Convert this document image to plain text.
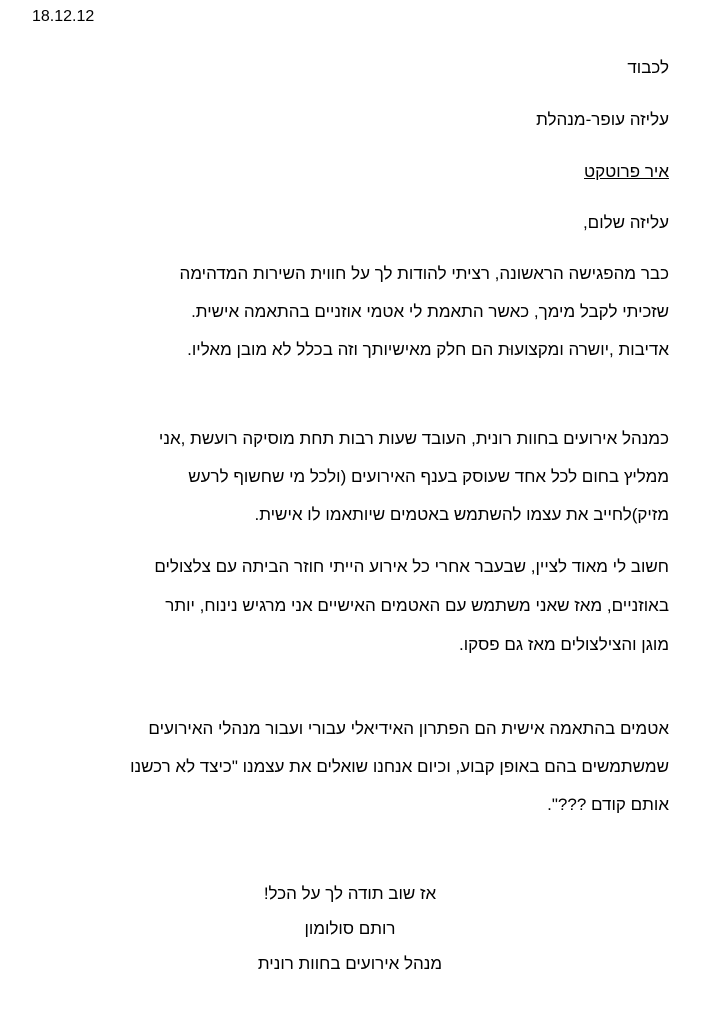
18.12.12
לכבוד
עליזה עופר-מנהלת
איר פרוטקט
עליזה שלום,
כבר מהפגישה הראשונה, רציתי להודות לך על חווית השירות המדהימה
שזכיתי לקבל מימך, כאשר התאמת לי אטמי אוזניים בהתאמה אישית.
אדיבות ,יושרה ומקצועוּת הם חלק מאישיותך וזה בכלל לא מובן מאליו.
כמנהל אירועים בחוות רונית, העובד שעות רבות תחת מוסיקה רועשת ,אני
ממליץ בחום לכל אחד שעוסק בענף האירועים (ולכל מי שחשוף לרעש
מזיק)לחייב את עצמו להשתמש באטמים שיותאמו לו אישית.
חשוב לי מאוד לציין, שבעבר אחרי כל אירוע הייתי חוזר הביתה עם צלצולים
באוזניים, מאז שאני משתמש עם האטמים האישיים אני מרגיש נינוח, יותר
מוגן והצילצולים מאז גם פסקו.
אטמים בהתאמה אישית הם הפתרון האידיאלי עבורי ועבור מנהלי האירועים
שמשתמשים בהם באופן קבוע, וכיום אנחנו שואלים את עצמנו "כיצד לא רכשנו
אותם קודם ???".
אז שוב תודה לך על הכל!
רותם סולומון
מנהל אירועים בחוות רונית
